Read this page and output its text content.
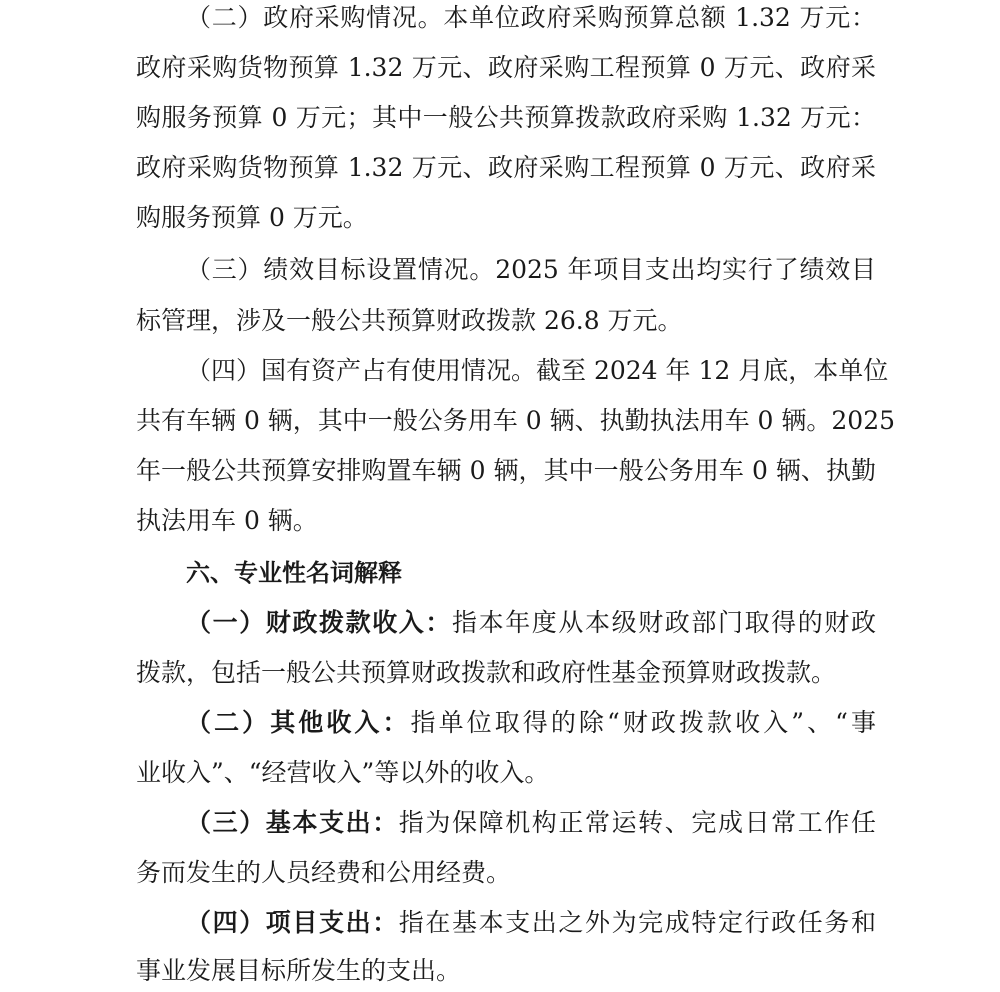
（二）政府采购情况。本单位政府采购预算总额 1.32 万元：
政府采购货物预算 1.32 万元、政府采购工程预算 0 万元、政府采
购服务预算 0 万元；其中一般公共预算拨款政府采购 1.32 万元：
政府采购货物预算 1.32 万元、政府采购工程预算 0 万元、政府采
购服务预算 0 万元。
（三）绩效目标设置情况。2025 年项目支出均实行了绩效目
标管理，涉及一般公共预算财政拨款 26.8 万元。
（四）国有资产占有使用情况。截至 2024 年 12 月底，本单位
共有车辆 0 辆，其中一般公务用车 0 辆、执勤执法用车 0 辆。2025
年一般公共预算安排购置车辆 0 辆，其中一般公务用车 0 辆、执勤
执法用车 0 辆。
六、专业性名词解释
（一）财政拨款收入：指本年度从本级财政部门取得的财政
拨款，包括一般公共预算财政拨款和政府性基金预算财政拨款。
（二）其他收入：指单位取得的除“财政拨款收入”、“事
业收入”、“经营收入”等以外的收入。
（三）基本支出：指为保障机构正常运转、完成日常工作任
务而发生的人员经费和公用经费。
（四）项目支出：指在基本支出之外为完成特定行政任务和
事业发展目标所发生的支出。
